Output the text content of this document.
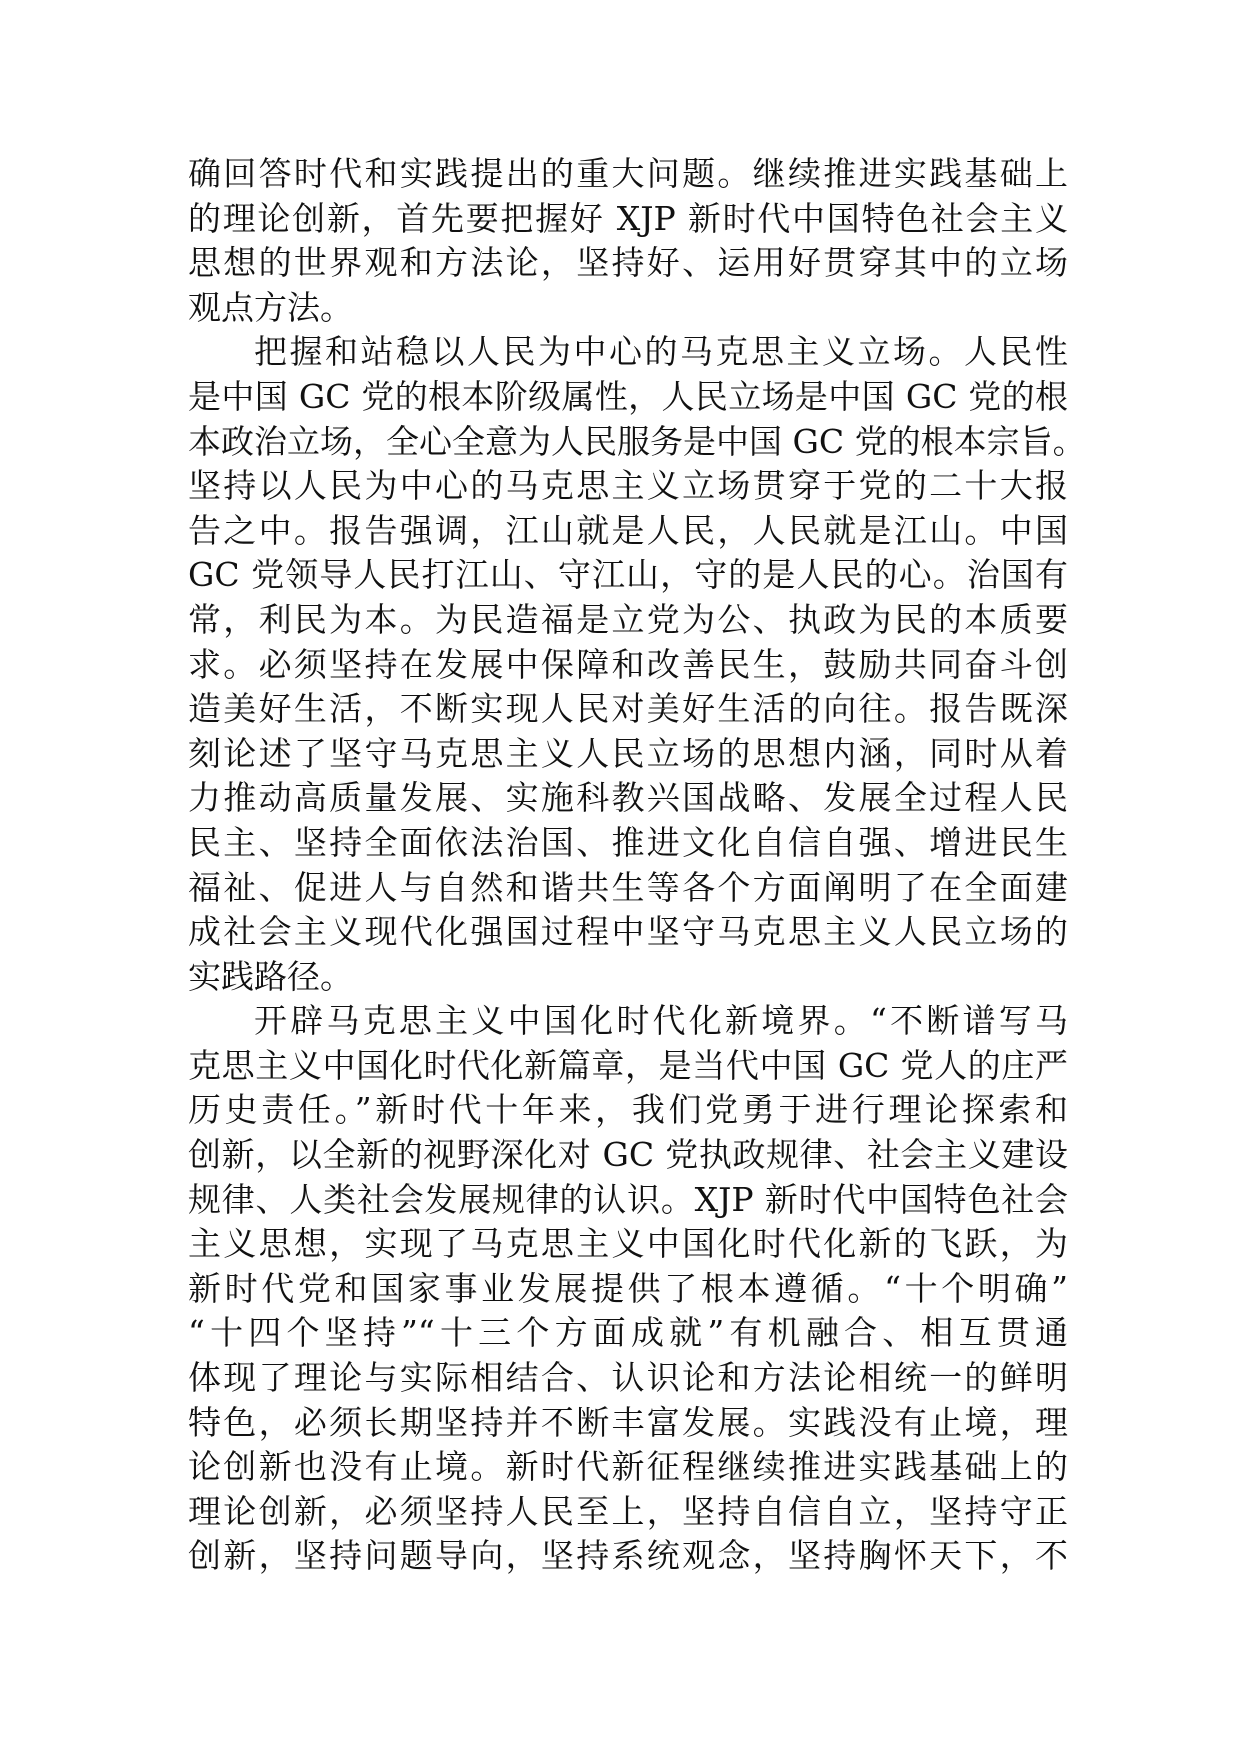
确回答时代和实践提出的重大问题。继续推进实践基础上
的理论创新，首先要把握好 XJP 新时代中国特色社会主义
思想的世界观和方法论，坚持好、运用好贯穿其中的立场
观点方法。
把握和站稳以人民为中心的马克思主义立场。人民性
是中国 GC 党的根本阶级属性，人民立场是中国 GC 党的根
本政治立场，全心全意为人民服务是中国 GC 党的根本宗旨。
坚持以人民为中心的马克思主义立场贯穿于党的二十大报
告之中。报告强调，江山就是人民，人民就是江山。中国
GC 党领导人民打江山、守江山，守的是人民的心。治国有
常，利民为本。为民造福是立党为公、执政为民的本质要
求。必须坚持在发展中保障和改善民生，鼓励共同奋斗创
造美好生活，不断实现人民对美好生活的向往。报告既深
刻论述了坚守马克思主义人民立场的思想内涵，同时从着
力推动高质量发展、实施科教兴国战略、发展全过程人民
民主、坚持全面依法治国、推进文化自信自强、增进民生
福祉、促进人与自然和谐共生等各个方面阐明了在全面建
成社会主义现代化强国过程中坚守马克思主义人民立场的
实践路径。
开辟马克思主义中国化时代化新境界。“不断谱写马
克思主义中国化时代化新篇章，是当代中国 GC 党人的庄严
历史责任。”新时代十年来，我们党勇于进行理论探索和
创新，以全新的视野深化对 GC 党执政规律、社会主义建设
规律、人类社会发展规律的认识。XJP 新时代中国特色社会
主义思想，实现了马克思主义中国化时代化新的飞跃，为
新时代党和国家事业发展提供了根本遵循。“十个明确”
“十四个坚持”“十三个方面成就”有机融合、相互贯通
体现了理论与实际相结合、认识论和方法论相统一的鲜明
特色，必须长期坚持并不断丰富发展。实践没有止境，理
论创新也没有止境。新时代新征程继续推进实践基础上的
理论创新，必须坚持人民至上，坚持自信自立，坚持守正
创新，坚持问题导向，坚持系统观念，坚持胸怀天下，不
